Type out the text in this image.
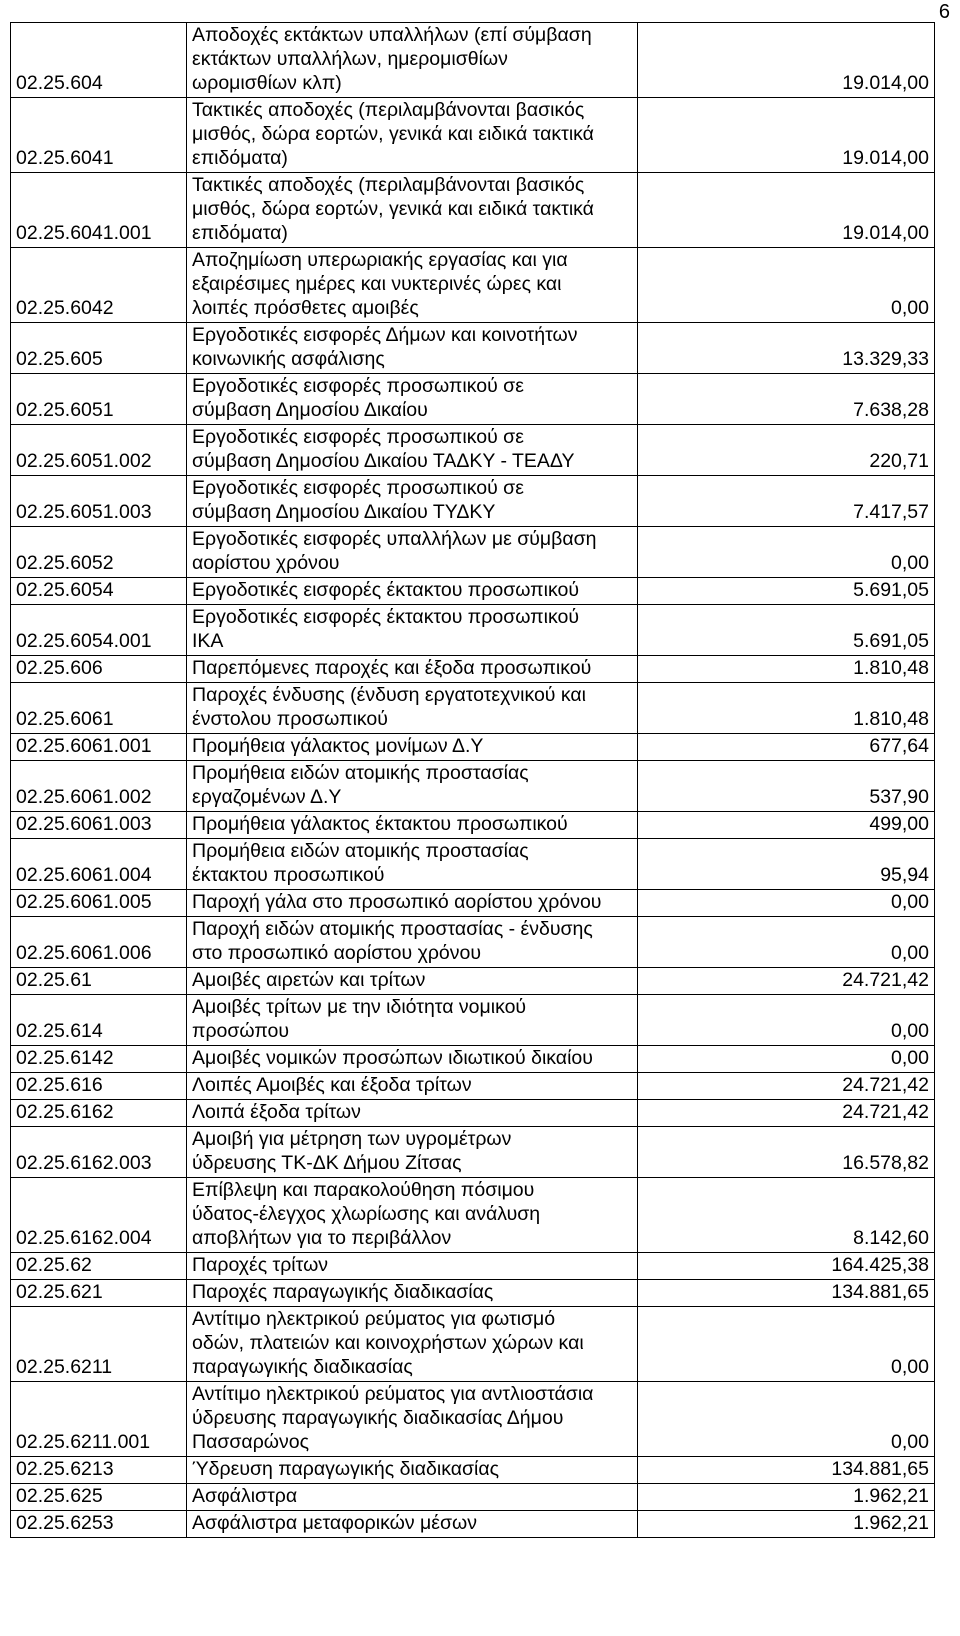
6
02.25.604	Αποδοχές εκτάκτων υπαλλήλων (επί σύμβαση
εκτάκτων υπαλλήλων, ημερομισθίων
ωρομισθίων κλπ)	19.014,00
02.25.6041	Τακτικές αποδοχές (περιλαμβάνονται βασικός
μισθός, δώρα εορτών, γενικά και ειδικά τακτικά
επιδόματα)	19.014,00
02.25.6041.001	Τακτικές αποδοχές (περιλαμβάνονται βασικός
μισθός, δώρα εορτών, γενικά και ειδικά τακτικά
επιδόματα)	19.014,00
02.25.6042	Αποζημίωση υπερωριακής εργασίας και για
εξαιρέσιμες ημέρες και νυκτερινές ώρες και
λοιπές πρόσθετες αμοιβές	0,00
02.25.605	Εργοδοτικές εισφορές Δήμων και κοινοτήτων
κοινωνικής ασφάλισης	13.329,33
02.25.6051	Εργοδοτικές εισφορές προσωπικού σε
σύμβαση Δημοσίου Δικαίου	7.638,28
02.25.6051.002	Εργοδοτικές εισφορές προσωπικού σε
σύμβαση Δημοσίου Δικαίου ΤΑΔΚΥ - ΤΕΑΔΥ	220,71
02.25.6051.003	Εργοδοτικές εισφορές προσωπικού σε
σύμβαση Δημοσίου Δικαίου ΤΥΔΚΥ	7.417,57
02.25.6052	Εργοδοτικές εισφορές υπαλλήλων με σύμβαση
αορίστου χρόνου	0,00
02.25.6054	Εργοδοτικές εισφορές έκτακτου προσωπικού	5.691,05
02.25.6054.001	Εργοδοτικές εισφορές έκτακτου προσωπικού
ΙΚΑ	5.691,05
02.25.606	Παρεπόμενες παροχές και έξοδα προσωπικού	1.810,48
02.25.6061	Παροχές ένδυσης (ένδυση εργατοτεχνικού και
ένστολου προσωπικού	1.810,48
02.25.6061.001	Προμήθεια γάλακτος μονίμων Δ.Υ	677,64
02.25.6061.002	Προμήθεια ειδών ατομικής προστασίας
εργαζομένων Δ.Υ	537,90
02.25.6061.003	Προμήθεια γάλακτος έκτακτου προσωπικού	499,00
02.25.6061.004	Προμήθεια ειδών ατομικής προστασίας
έκτακτου προσωπικού	95,94
02.25.6061.005	Παροχή γάλα στο προσωπικό αορίστου χρόνου	0,00
02.25.6061.006	Παροχή ειδών ατομικής προστασίας - ένδυσης
στο προσωπικό αορίστου χρόνου	0,00
02.25.61	Αμοιβές αιρετών και τρίτων	24.721,42
02.25.614	Αμοιβές τρίτων με την ιδιότητα νομικού
προσώπου	0,00
02.25.6142	Αμοιβές νομικών προσώπων ιδιωτικού δικαίου	0,00
02.25.616	Λοιπές Αμοιβές και έξοδα τρίτων	24.721,42
02.25.6162	Λοιπά έξοδα τρίτων	24.721,42
02.25.6162.003	Αμοιβή για μέτρηση των υγρομέτρων
ύδρευσης ΤΚ-ΔΚ Δήμου Ζίτσας	16.578,82
02.25.6162.004	Επίβλεψη και παρακολούθηση πόσιμου
ύδατος-έλεγχος χλωρίωσης και ανάλυση
αποβλήτων για το περιβάλλον	8.142,60
02.25.62	Παροχές τρίτων	164.425,38
02.25.621	Παροχές παραγωγικής διαδικασίας	134.881,65
02.25.6211	Αντίτιμο ηλεκτρικού ρεύματος για φωτισμό
οδών, πλατειών και κοινοχρήστων χώρων και
παραγωγικής διαδικασίας	0,00
02.25.6211.001	Αντίτιμο ηλεκτρικού ρεύματος για αντλιοστάσια
ύδρευσης παραγωγικής διαδικασίας Δήμου
Πασσαρώνος	0,00
02.25.6213	Ύδρευση παραγωγικής διαδικασίας	134.881,65
02.25.625	Ασφάλιστρα	1.962,21
02.25.6253	Ασφάλιστρα μεταφορικών μέσων	1.962,21
